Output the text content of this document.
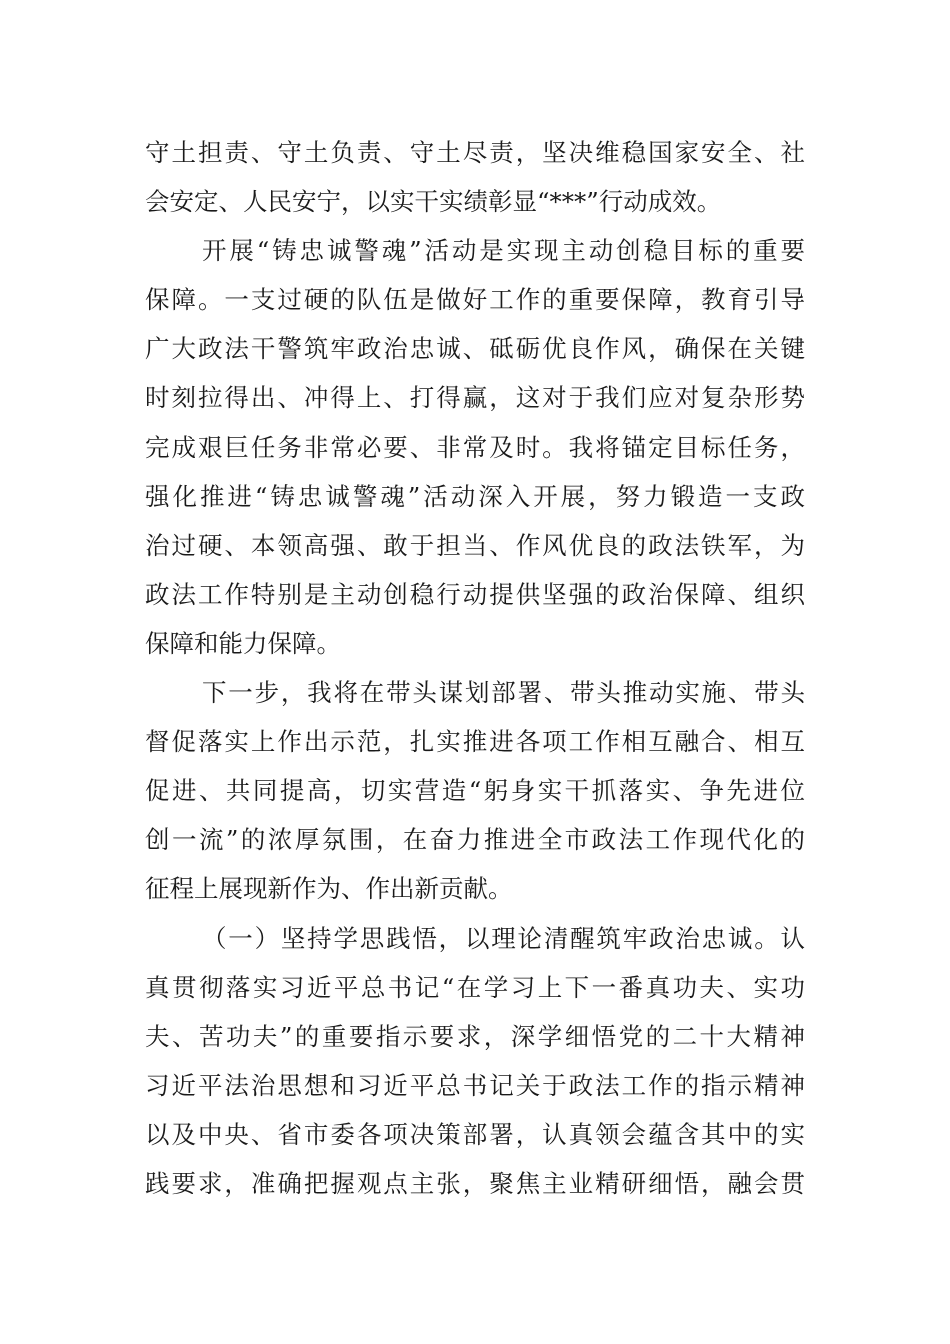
守土担责、守土负责、守土尽责，坚决维稳国家安全、社
会安定、人民安宁，以实干实绩彰显“***”行动成效。
开展“铸忠诚警魂”活动是实现主动创稳目标的重要
保障。一支过硬的队伍是做好工作的重要保障，教育引导
广大政法干警筑牢政治忠诚、砥砺优良作风，确保在关键
时刻拉得出、冲得上、打得赢，这对于我们应对复杂形势
完成艰巨任务非常必要、非常及时。我将锚定目标任务，
强化推进“铸忠诚警魂”活动深入开展，努力锻造一支政
治过硬、本领高强、敢于担当、作风优良的政法铁军，为
政法工作特别是主动创稳行动提供坚强的政治保障、组织
保障和能力保障。
下一步，我将在带头谋划部署、带头推动实施、带头
督促落实上作出示范，扎实推进各项工作相互融合、相互
促进、共同提高，切实营造“躬身实干抓落实、争先进位
创一流”的浓厚氛围，在奋力推进全市政法工作现代化的
征程上展现新作为、作出新贡献。
（一）坚持学思践悟，以理论清醒筑牢政治忠诚。认
真贯彻落实习近平总书记“在学习上下一番真功夫、实功
夫、苦功夫”的重要指示要求，深学细悟党的二十大精神
习近平法治思想和习近平总书记关于政法工作的指示精神
以及中央、省市委各项决策部署，认真领会蕴含其中的实
践要求，准确把握观点主张，聚焦主业精研细悟，融会贯
